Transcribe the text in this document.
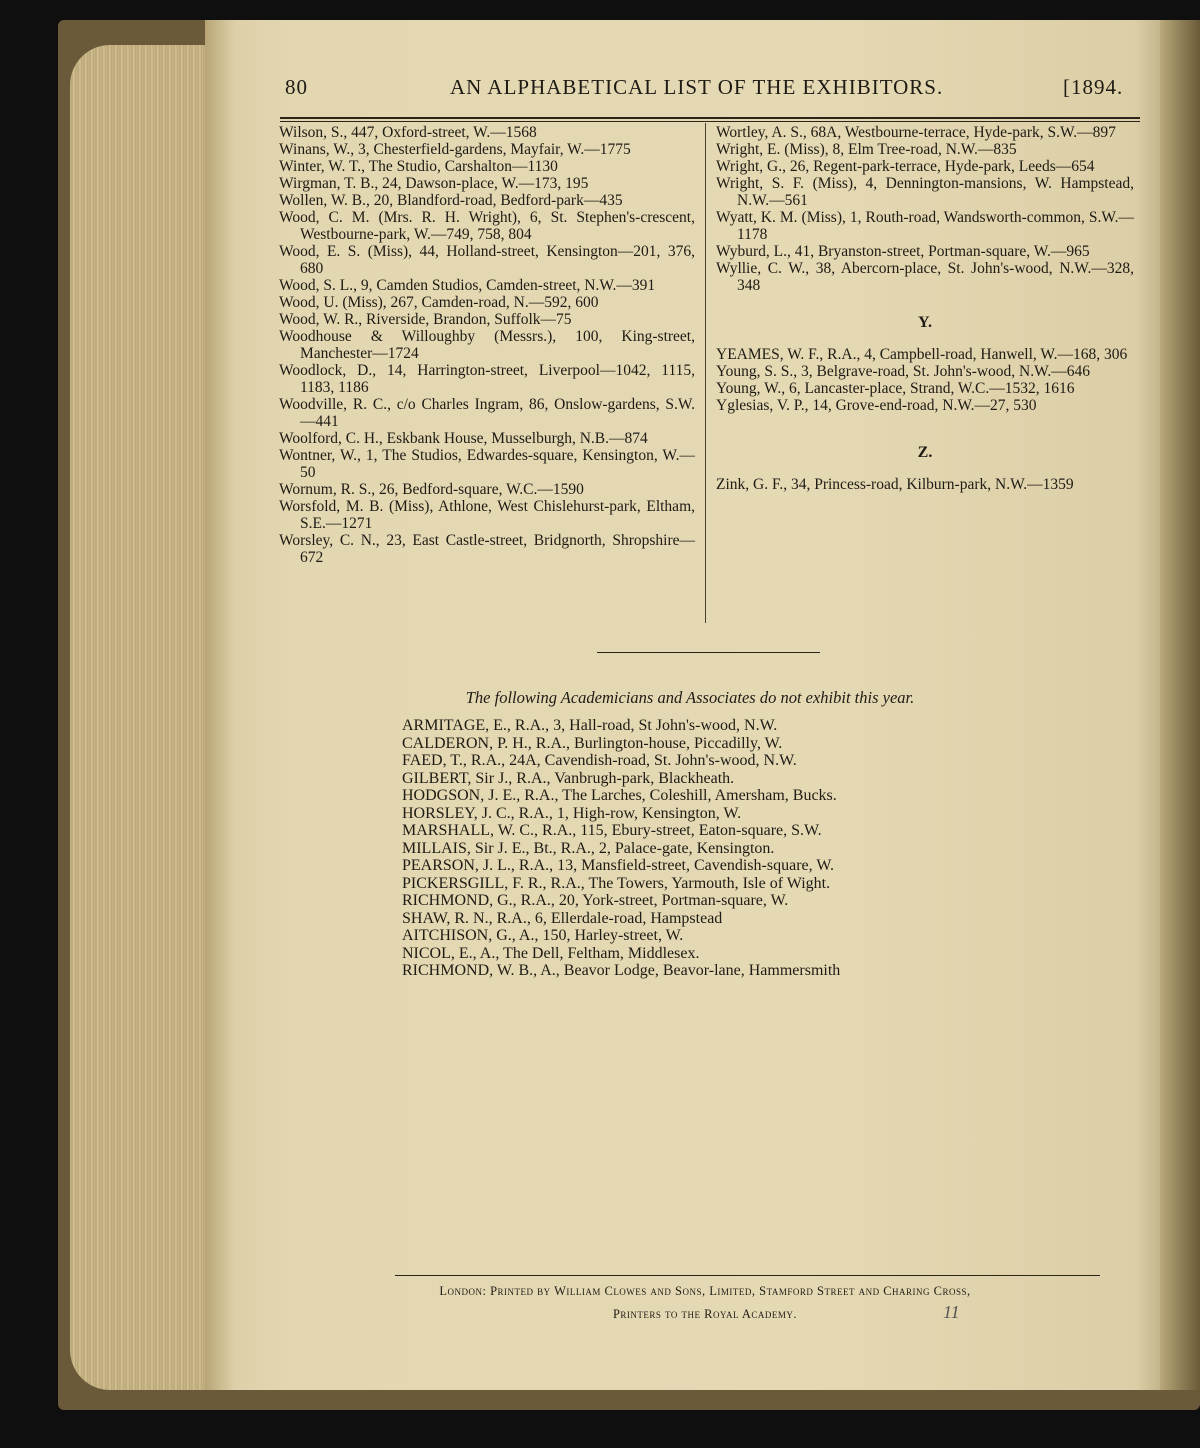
80	AN ALPHABETICAL LIST OF THE EXHIBITORS.	[1894.
Wilson, S., 447, Oxford-street, W.—1568
Winans, W., 3, Chesterfield-gardens, Mayfair, W.—1775
Winter, W. T., The Studio, Carshalton—1130
Wirgman, T. B., 24, Dawson-place, W.—173, 195
Wollen, W. B., 20, Blandford-road, Bedford-park—435
Wood, C. M. (Mrs. R. H. Wright), 6, St. Stephen's-crescent, Westbourne-park, W.—749, 758, 804
Wood, E. S. (Miss), 44, Holland-street, Kensington—201, 376, 680
Wood, S. L., 9, Camden Studios, Camden-street, N.W.—391
Wood, U. (Miss), 267, Camden-road, N.—592, 600
Wood, W. R., Riverside, Brandon, Suffolk—75
Woodhouse & Willoughby (Messrs.), 100, King-street, Manchester—1724
Woodlock, D., 14, Harrington-street, Liverpool—1042, 1115, 1183, 1186
Woodville, R. C., c/o Charles Ingram, 86, Onslow-gardens, S.W.—441
Woolford, C. H., Eskbank House, Musselburgh, N.B.—874
Wontner, W., 1, The Studios, Edwardes-square, Kensington, W.—50
Wornum, R. S., 26, Bedford-square, W.C.—1590
Worsfold, M. B. (Miss), Athlone, West Chislehurst-park, Eltham, S.E.—1271
Worsley, C. N., 23, East Castle-street, Bridgnorth, Shropshire—672
Wortley, A. S., 68A, Westbourne-terrace, Hyde-park, S.W.—897
Wright, E. (Miss), 8, Elm Tree-road, N.W.—835
Wright, G., 26, Regent-park-terrace, Hyde-park, Leeds—654
Wright, S. F. (Miss), 4, Dennington-mansions, W. Hampstead, N.W.—561
Wyatt, K. M. (Miss), 1, Routh-road, Wandsworth-common, S.W.—1178
Wyburd, L., 41, Bryanston-street, Portman-square, W.—965
Wyllie, C. W., 38, Abercorn-place, St. John's-wood, N.W.—328, 348
Y.
YEAMES, W. F., R.A., 4, Campbell-road, Hanwell, W.—168, 306
Young, S. S., 3, Belgrave-road, St. John's-wood, N.W.—646
Young, W., 6, Lancaster-place, Strand, W.C.—1532, 1616
Yglesias, V. P., 14, Grove-end-road, N.W.—27, 530
Z.
Zink, G. F., 34, Princess-road, Kilburn-park, N.W.—1359
The following Academicians and Associates do not exhibit this year.
ARMITAGE, E., R.A., 3, Hall-road, St John's-wood, N.W.
CALDERON, P. H., R.A., Burlington-house, Piccadilly, W.
FAED, T., R.A., 24A, Cavendish-road, St. John's-wood, N.W.
GILBERT, Sir J., R.A., Vanbrugh-park, Blackheath.
HODGSON, J. E., R.A., The Larches, Coleshill, Amersham, Bucks.
HORSLEY, J. C., R.A., 1, High-row, Kensington, W.
MARSHALL, W. C., R.A., 115, Ebury-street, Eaton-square, S.W.
MILLAIS, Sir J. E., Bt., R.A., 2, Palace-gate, Kensington.
PEARSON, J. L., R.A., 13, Mansfield-street, Cavendish-square, W.
PICKERSGILL, F. R., R.A., The Towers, Yarmouth, Isle of Wight.
RICHMOND, G., R.A., 20, York-street, Portman-square, W.
SHAW, R. N., R.A., 6, Ellerdale-road, Hampstead
AITCHISON, G., A., 150, Harley-street, W.
NICOL, E., A., The Dell, Feltham, Middlesex.
RICHMOND, W. B., A., Beavor Lodge, Beavor-lane, Hammersmith
London: Printed by William Clowes and Sons, Limited, Stamford Street and Charing Cross,
Printers to the Royal Academy.	11
